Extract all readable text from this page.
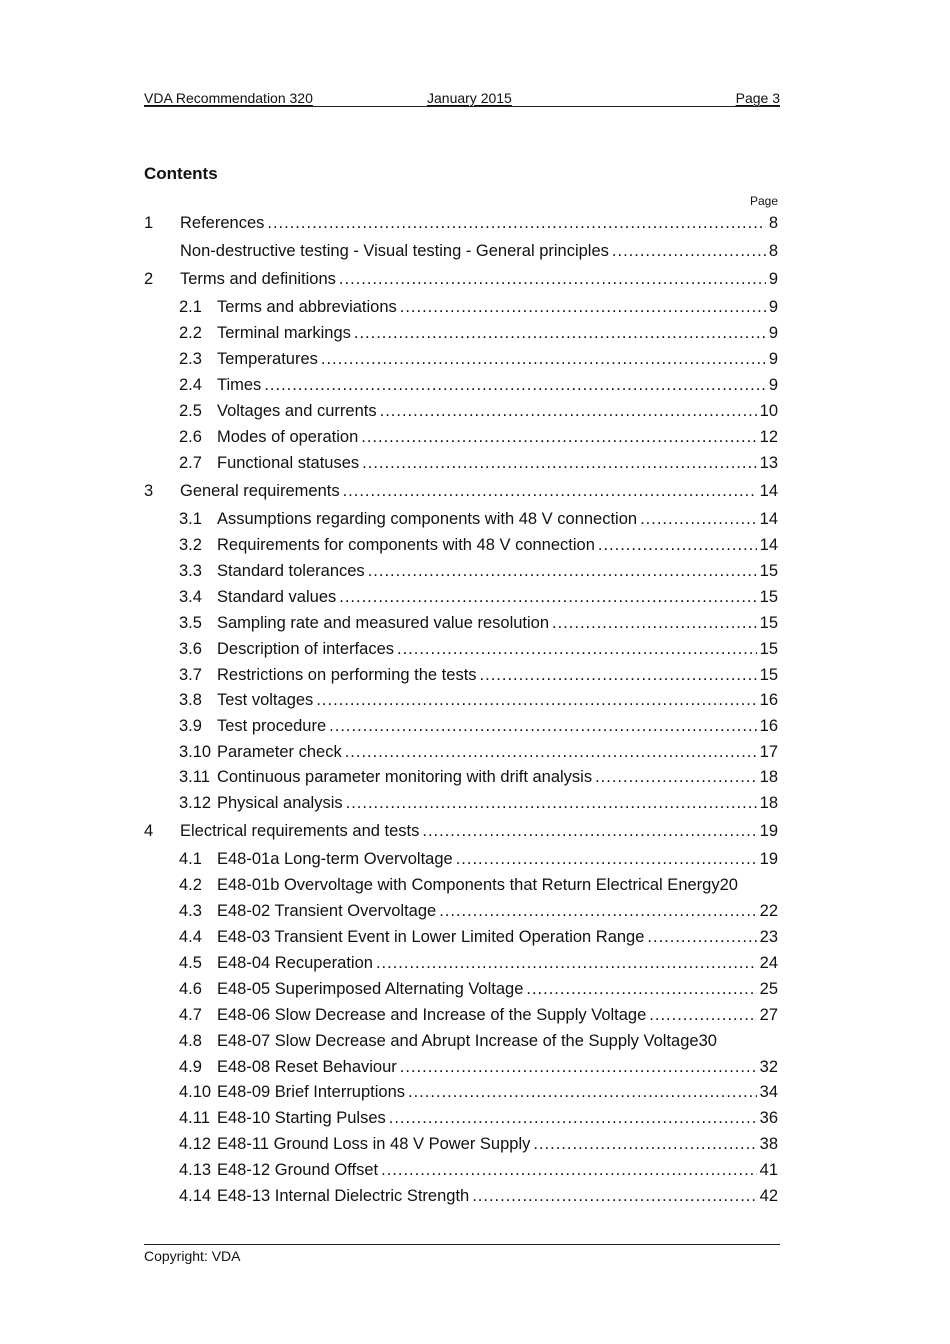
VDA Recommendation 320	January 2015	Page 3
Contents
Page
1 References .....	8
Non-destructive testing - Visual testing - General principles .....	8
2 Terms and definitions .....	9
2.1 Terms and abbreviations .....	9
2.2 Terminal markings .....	9
2.3 Temperatures .....	9
2.4 Times .....	9
2.5 Voltages and currents .....	10
2.6 Modes of operation .....	12
2.7 Functional statuses .....	13
3 General requirements .....	14
3.1 Assumptions regarding components with 48 V connection .....	14
3.2 Requirements for components with 48 V connection .....	14
3.3 Standard tolerances .....	15
3.4 Standard values .....	15
3.5 Sampling rate and measured value resolution .....	15
3.6 Description of interfaces .....	15
3.7 Restrictions on performing the tests .....	15
3.8 Test voltages .....	16
3.9 Test procedure .....	16
3.10 Parameter check .....	17
3.11 Continuous parameter monitoring with drift analysis .....	18
3.12 Physical analysis .....	18
4 Electrical requirements and tests .....	19
4.1 E48-01a Long-term Overvoltage .....	19
4.2 E48-01b Overvoltage with Components that Return Electrical Energy 20
4.3 E48-02 Transient Overvoltage .....	22
4.4 E48-03 Transient Event in Lower Limited Operation Range .....	23
4.5 E48-04 Recuperation .....	24
4.6 E48-05 Superimposed Alternating Voltage .....	25
4.7 E48-06 Slow Decrease and Increase of the Supply Voltage .....	27
4.8 E48-07 Slow Decrease and Abrupt Increase of the Supply Voltage 30
4.9 E48-08 Reset Behaviour .....	32
4.10 E48-09 Brief Interruptions .....	34
4.11 E48-10 Starting Pulses .....	36
4.12 E48-11 Ground Loss in 48 V Power Supply .....	38
4.13 E48-12 Ground Offset .....	41
4.14 E48-13 Internal Dielectric Strength .....	42
Copyright: VDA
